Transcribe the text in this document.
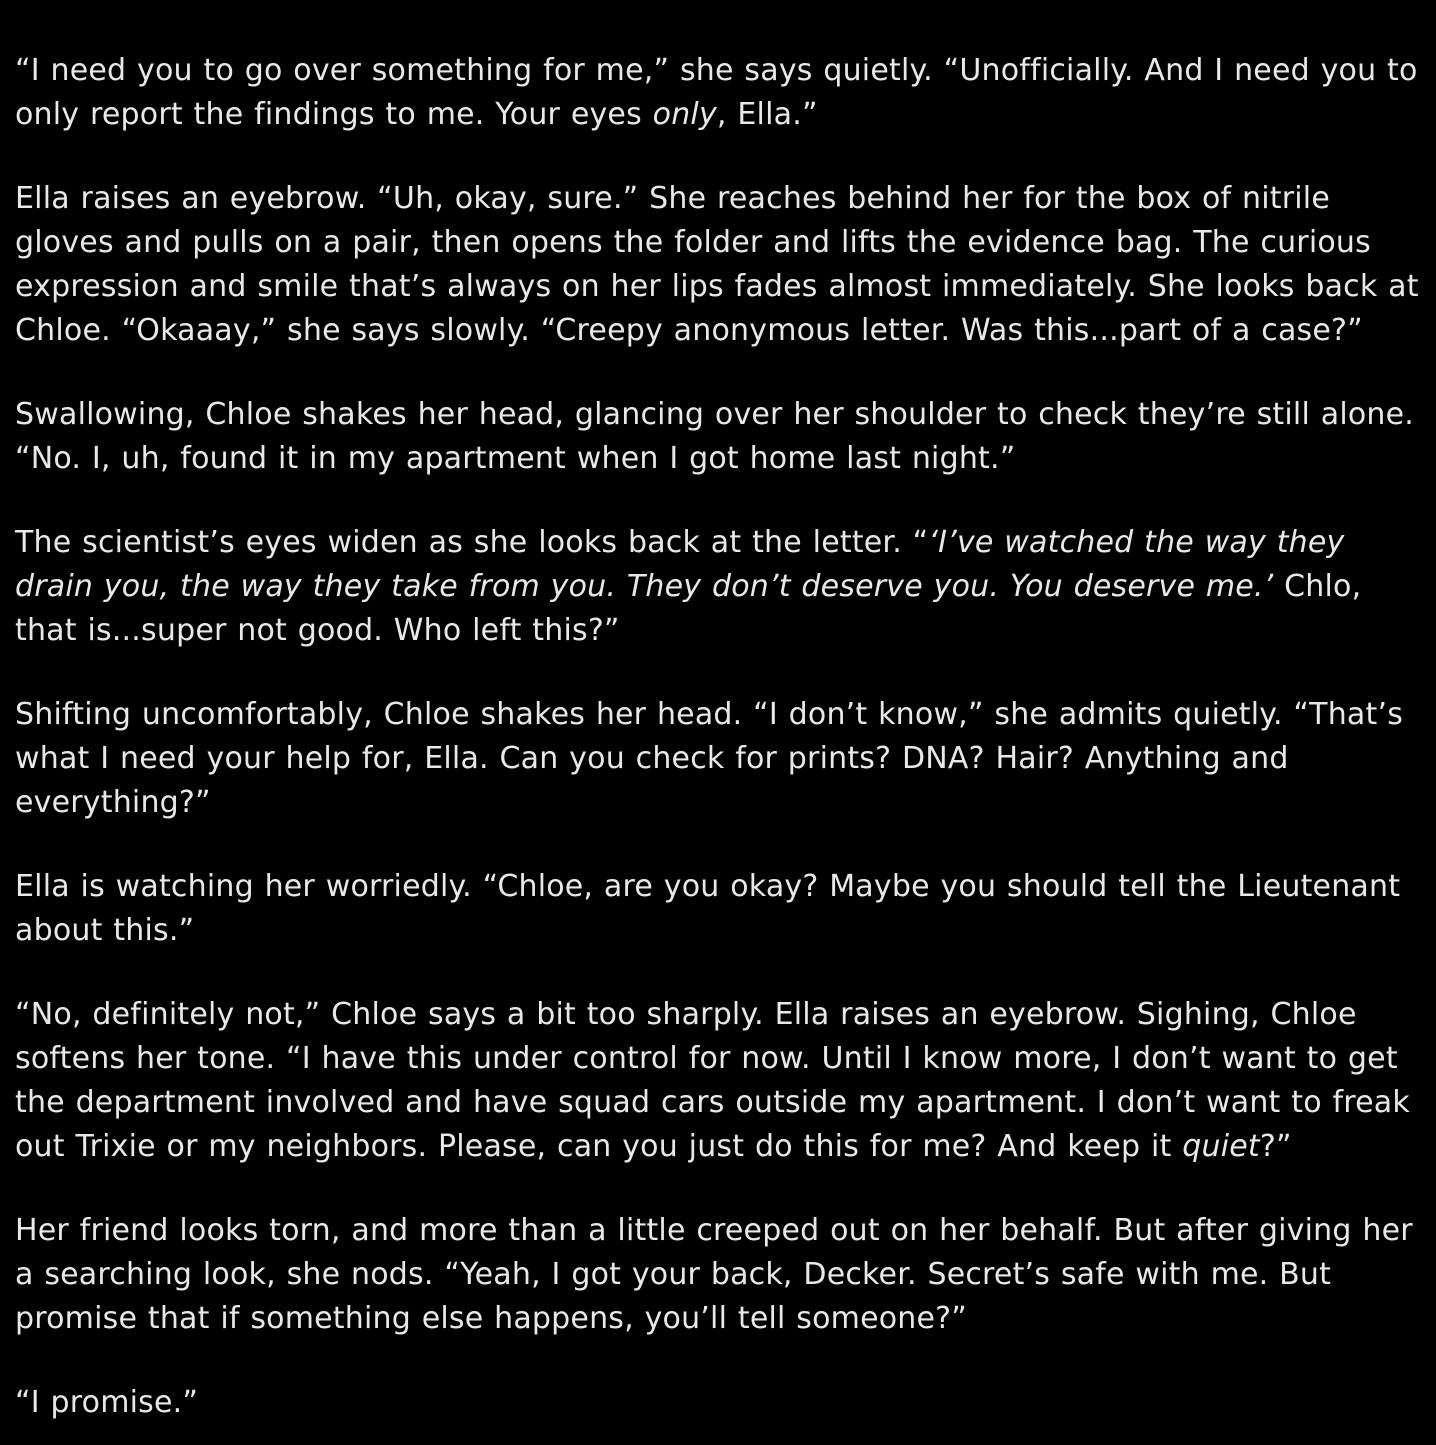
“I need you to go over something for me,” she says quietly. “Unofficially. And I need you to only report the findings to me. Your eyes only, Ella.”

Ella raises an eyebrow. “Uh, okay, sure.” She reaches behind her for the box of nitrile gloves and pulls on a pair, then opens the folder and lifts the evidence bag. The curious expression and smile that’s always on her lips fades almost immediately. She looks back at Chloe. “Okaaay,” she says slowly. “Creepy anonymous letter. Was this...part of a case?”

Swallowing, Chloe shakes her head, glancing over her shoulder to check they’re still alone. “No. I, uh, found it in my apartment when I got home last night.”

The scientist’s eyes widen as she looks back at the letter. “‘I’ve watched the way they drain you, the way they take from you. They don’t deserve you. You deserve me.’ Chlo, that is...super not good. Who left this?”

Shifting uncomfortably, Chloe shakes her head. “I don’t know,” she admits quietly. “That’s what I need your help for, Ella. Can you check for prints? DNA? Hair? Anything and everything?”

Ella is watching her worriedly. “Chloe, are you okay? Maybe you should tell the Lieutenant about this.”

“No, definitely not,” Chloe says a bit too sharply. Ella raises an eyebrow. Sighing, Chloe softens her tone. “I have this under control for now. Until I know more, I don’t want to get the department involved and have squad cars outside my apartment. I don’t want to freak out Trixie or my neighbors. Please, can you just do this for me? And keep it quiet?”

Her friend looks torn, and more than a little creeped out on her behalf. But after giving her a searching look, she nods. “Yeah, I got your back, Decker. Secret’s safe with me. But promise that if something else happens, you’ll tell someone?”

“I promise.”
